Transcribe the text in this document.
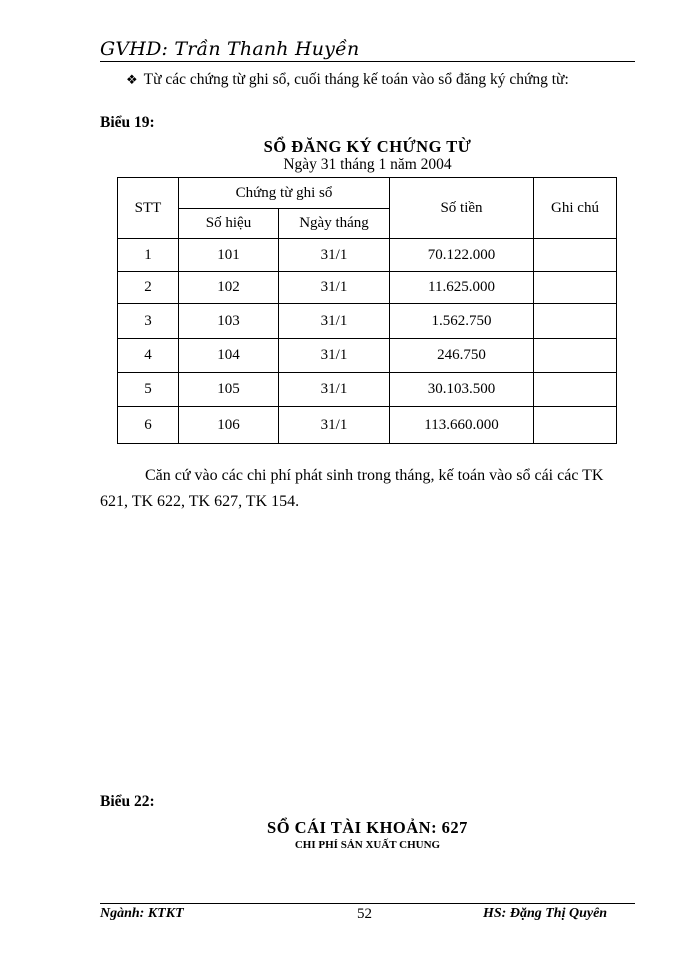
GVHD: Trần Thanh Huyền
❖ Từ các chứng từ ghi sổ, cuối tháng kế toán vào sổ đăng ký chứng từ:
Biểu 19:
SỔ ĐĂNG KÝ CHỨNG TỪ
Ngày 31 tháng 1 năm 2004
STT	Chứng từ ghi sổ		Số tiền	Ghi chú
	Số hiệu	Ngày tháng		
1	101	31/1	70.122.000	
2	102	31/1	11.625.000	
3	103	31/1	1.562.750	
4	104	31/1	246.750	
5	105	31/1	30.103.500	
6	106	31/1	113.660.000	
Căn cứ vào các chi phí phát sinh trong tháng, kế toán vào sổ cái các TK
621, TK 622, TK 627, TK 154.
Biểu 22:
SỔ CÁI TÀI KHOẢN: 627
CHI PHÍ SẢN XUẤT CHUNG
Ngành: KTKT	52	HS: Đặng Thị Quyên
